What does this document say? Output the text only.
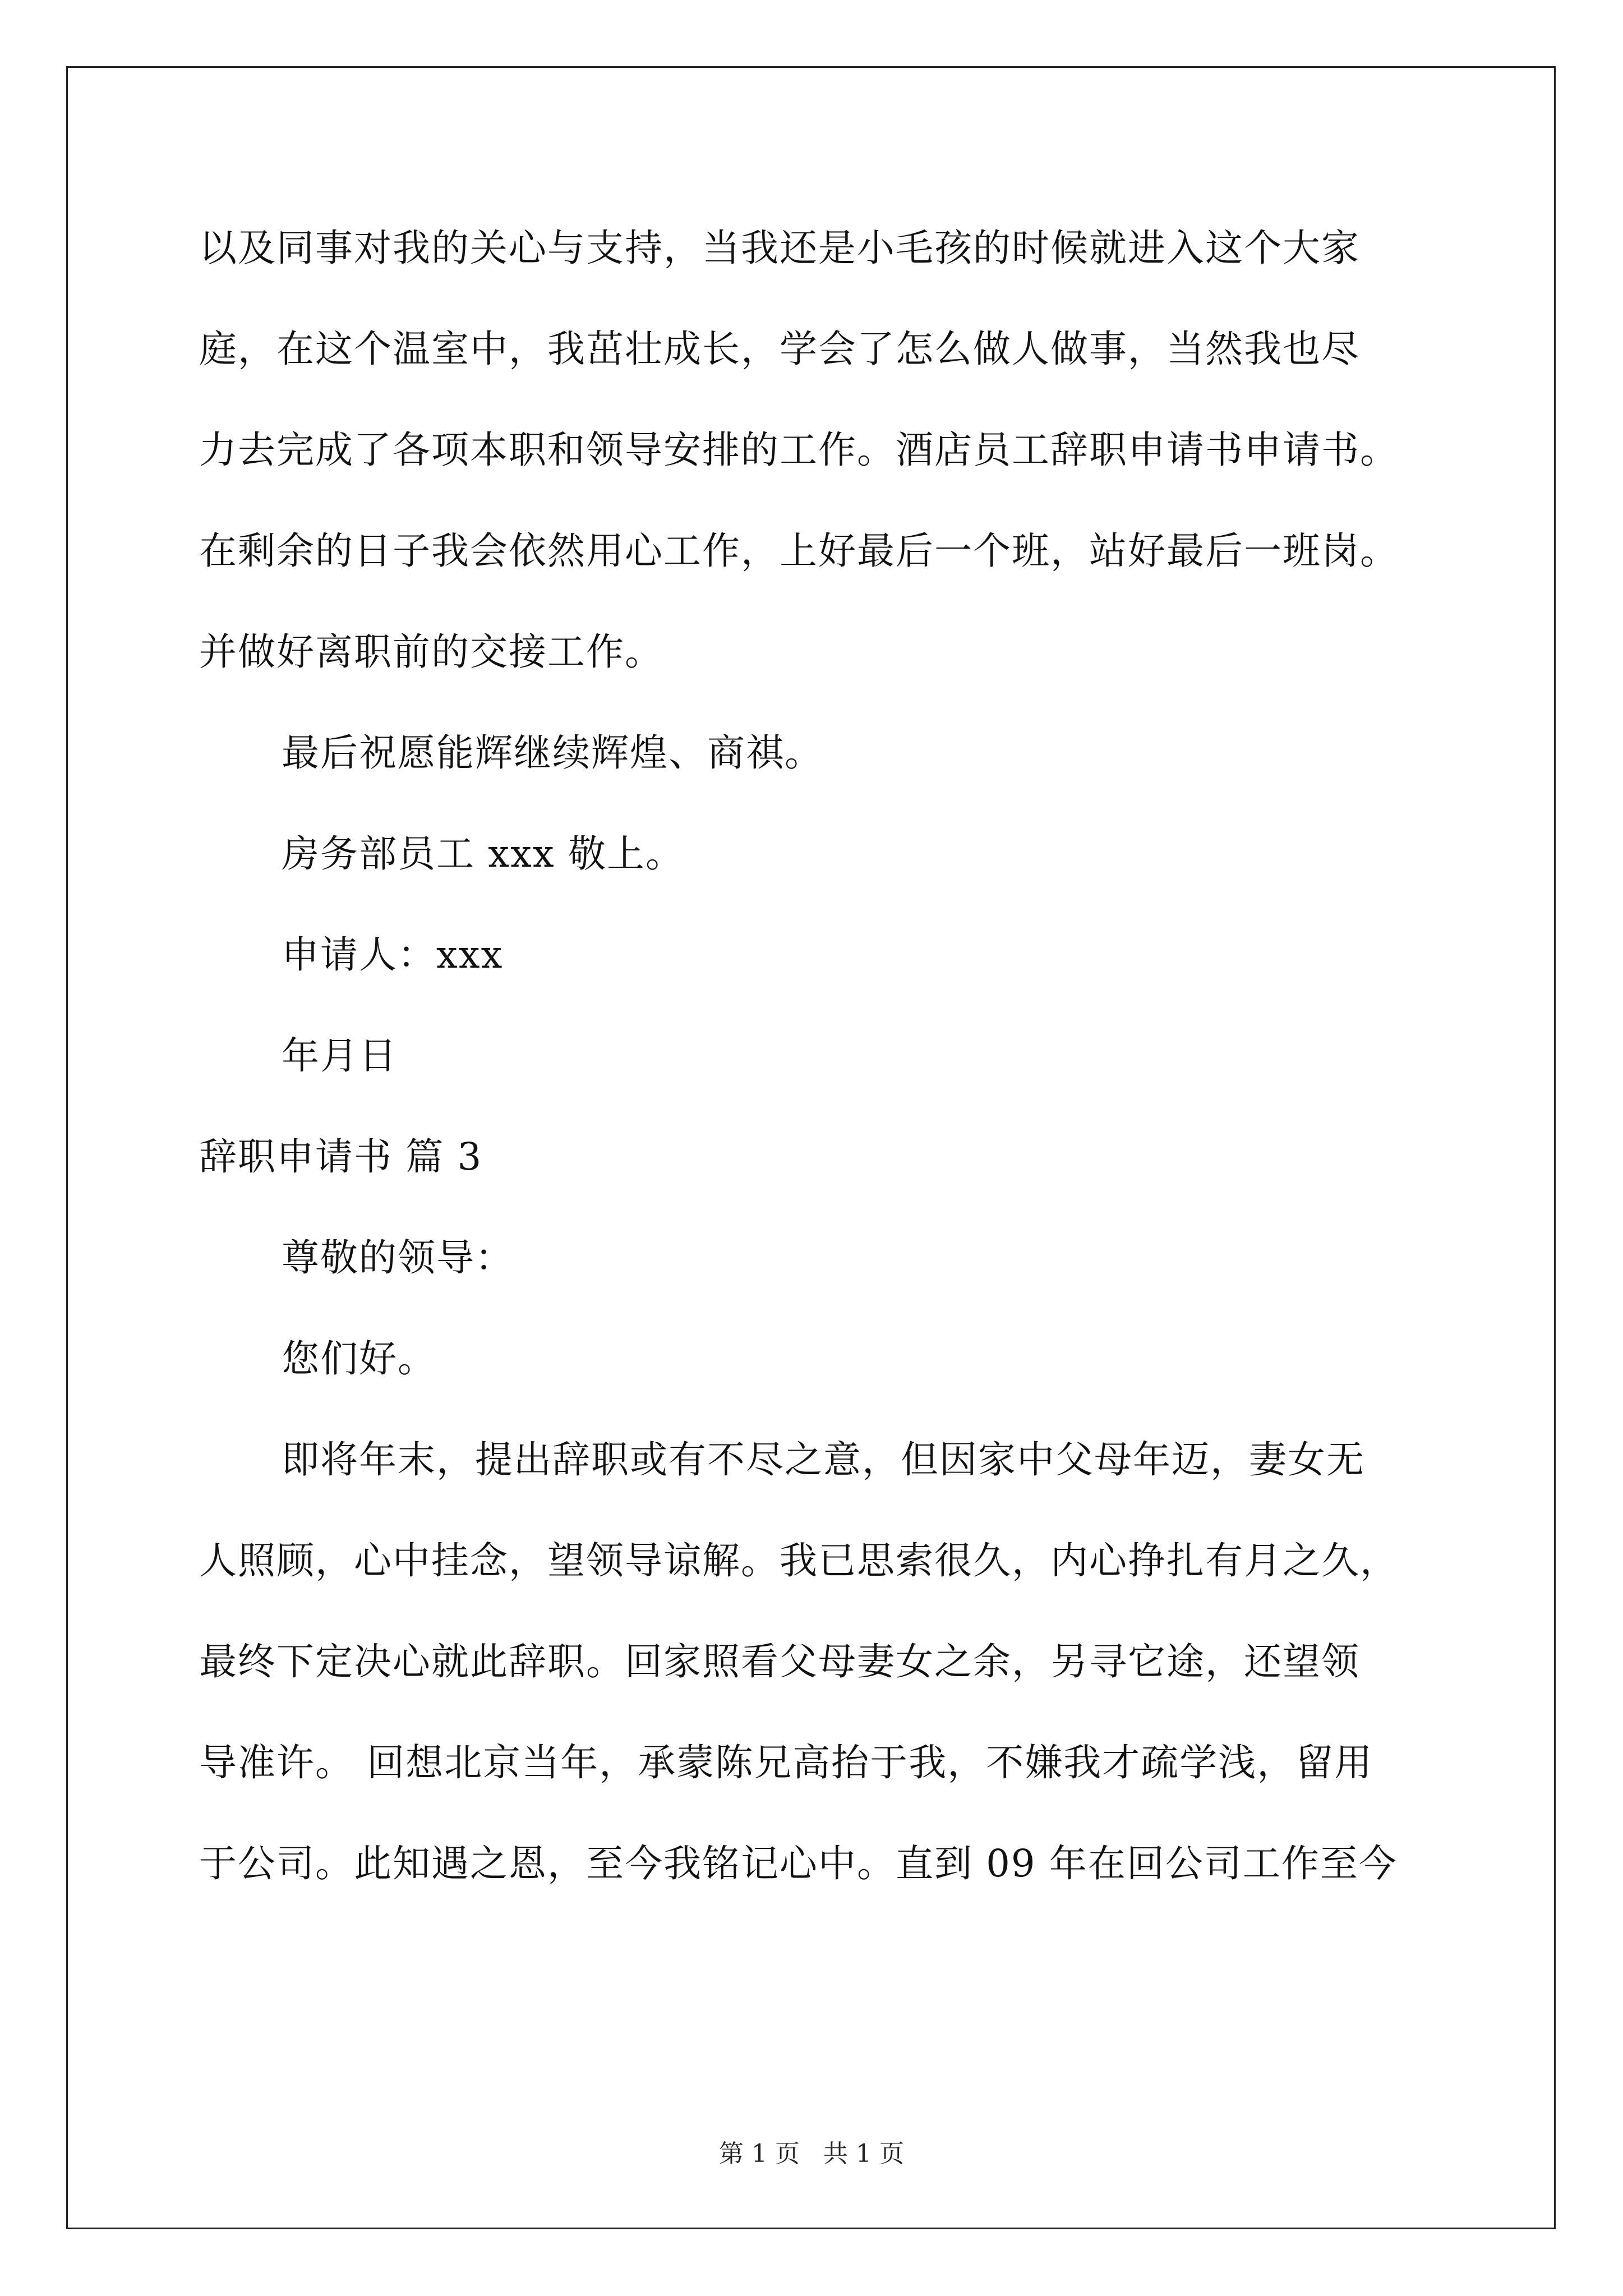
以及同事对我的关心与支持，当我还是小毛孩的时候就进入这个大家
庭，在这个温室中，我茁壮成长，学会了怎么做人做事，当然我也尽
力去完成了各项本职和领导安排的工作。酒店员工辞职申请书申请书。
在剩余的日子我会依然用心工作，上好最后一个班，站好最后一班岗。
并做好离职前的交接工作。
最后祝愿能辉继续辉煌、商祺。
房务部员工 xxx 敬上。
申请人：xxx
年月日
辞职申请书 篇 3
尊敬的领导：
您们好。
即将年末，提出辞职或有不尽之意，但因家中父母年迈，妻女无
人照顾，心中挂念，望领导谅解。我已思索很久，内心挣扎有月之久，
最终下定决心就此辞职。回家照看父母妻女之余，另寻它途，还望领
导准许。 回想北京当年，承蒙陈兄高抬于我，不嫌我才疏学浅，留用
于公司。此知遇之恩，至今我铭记心中。直到 09 年在回公司工作至今
第 1 页   共 1 页
